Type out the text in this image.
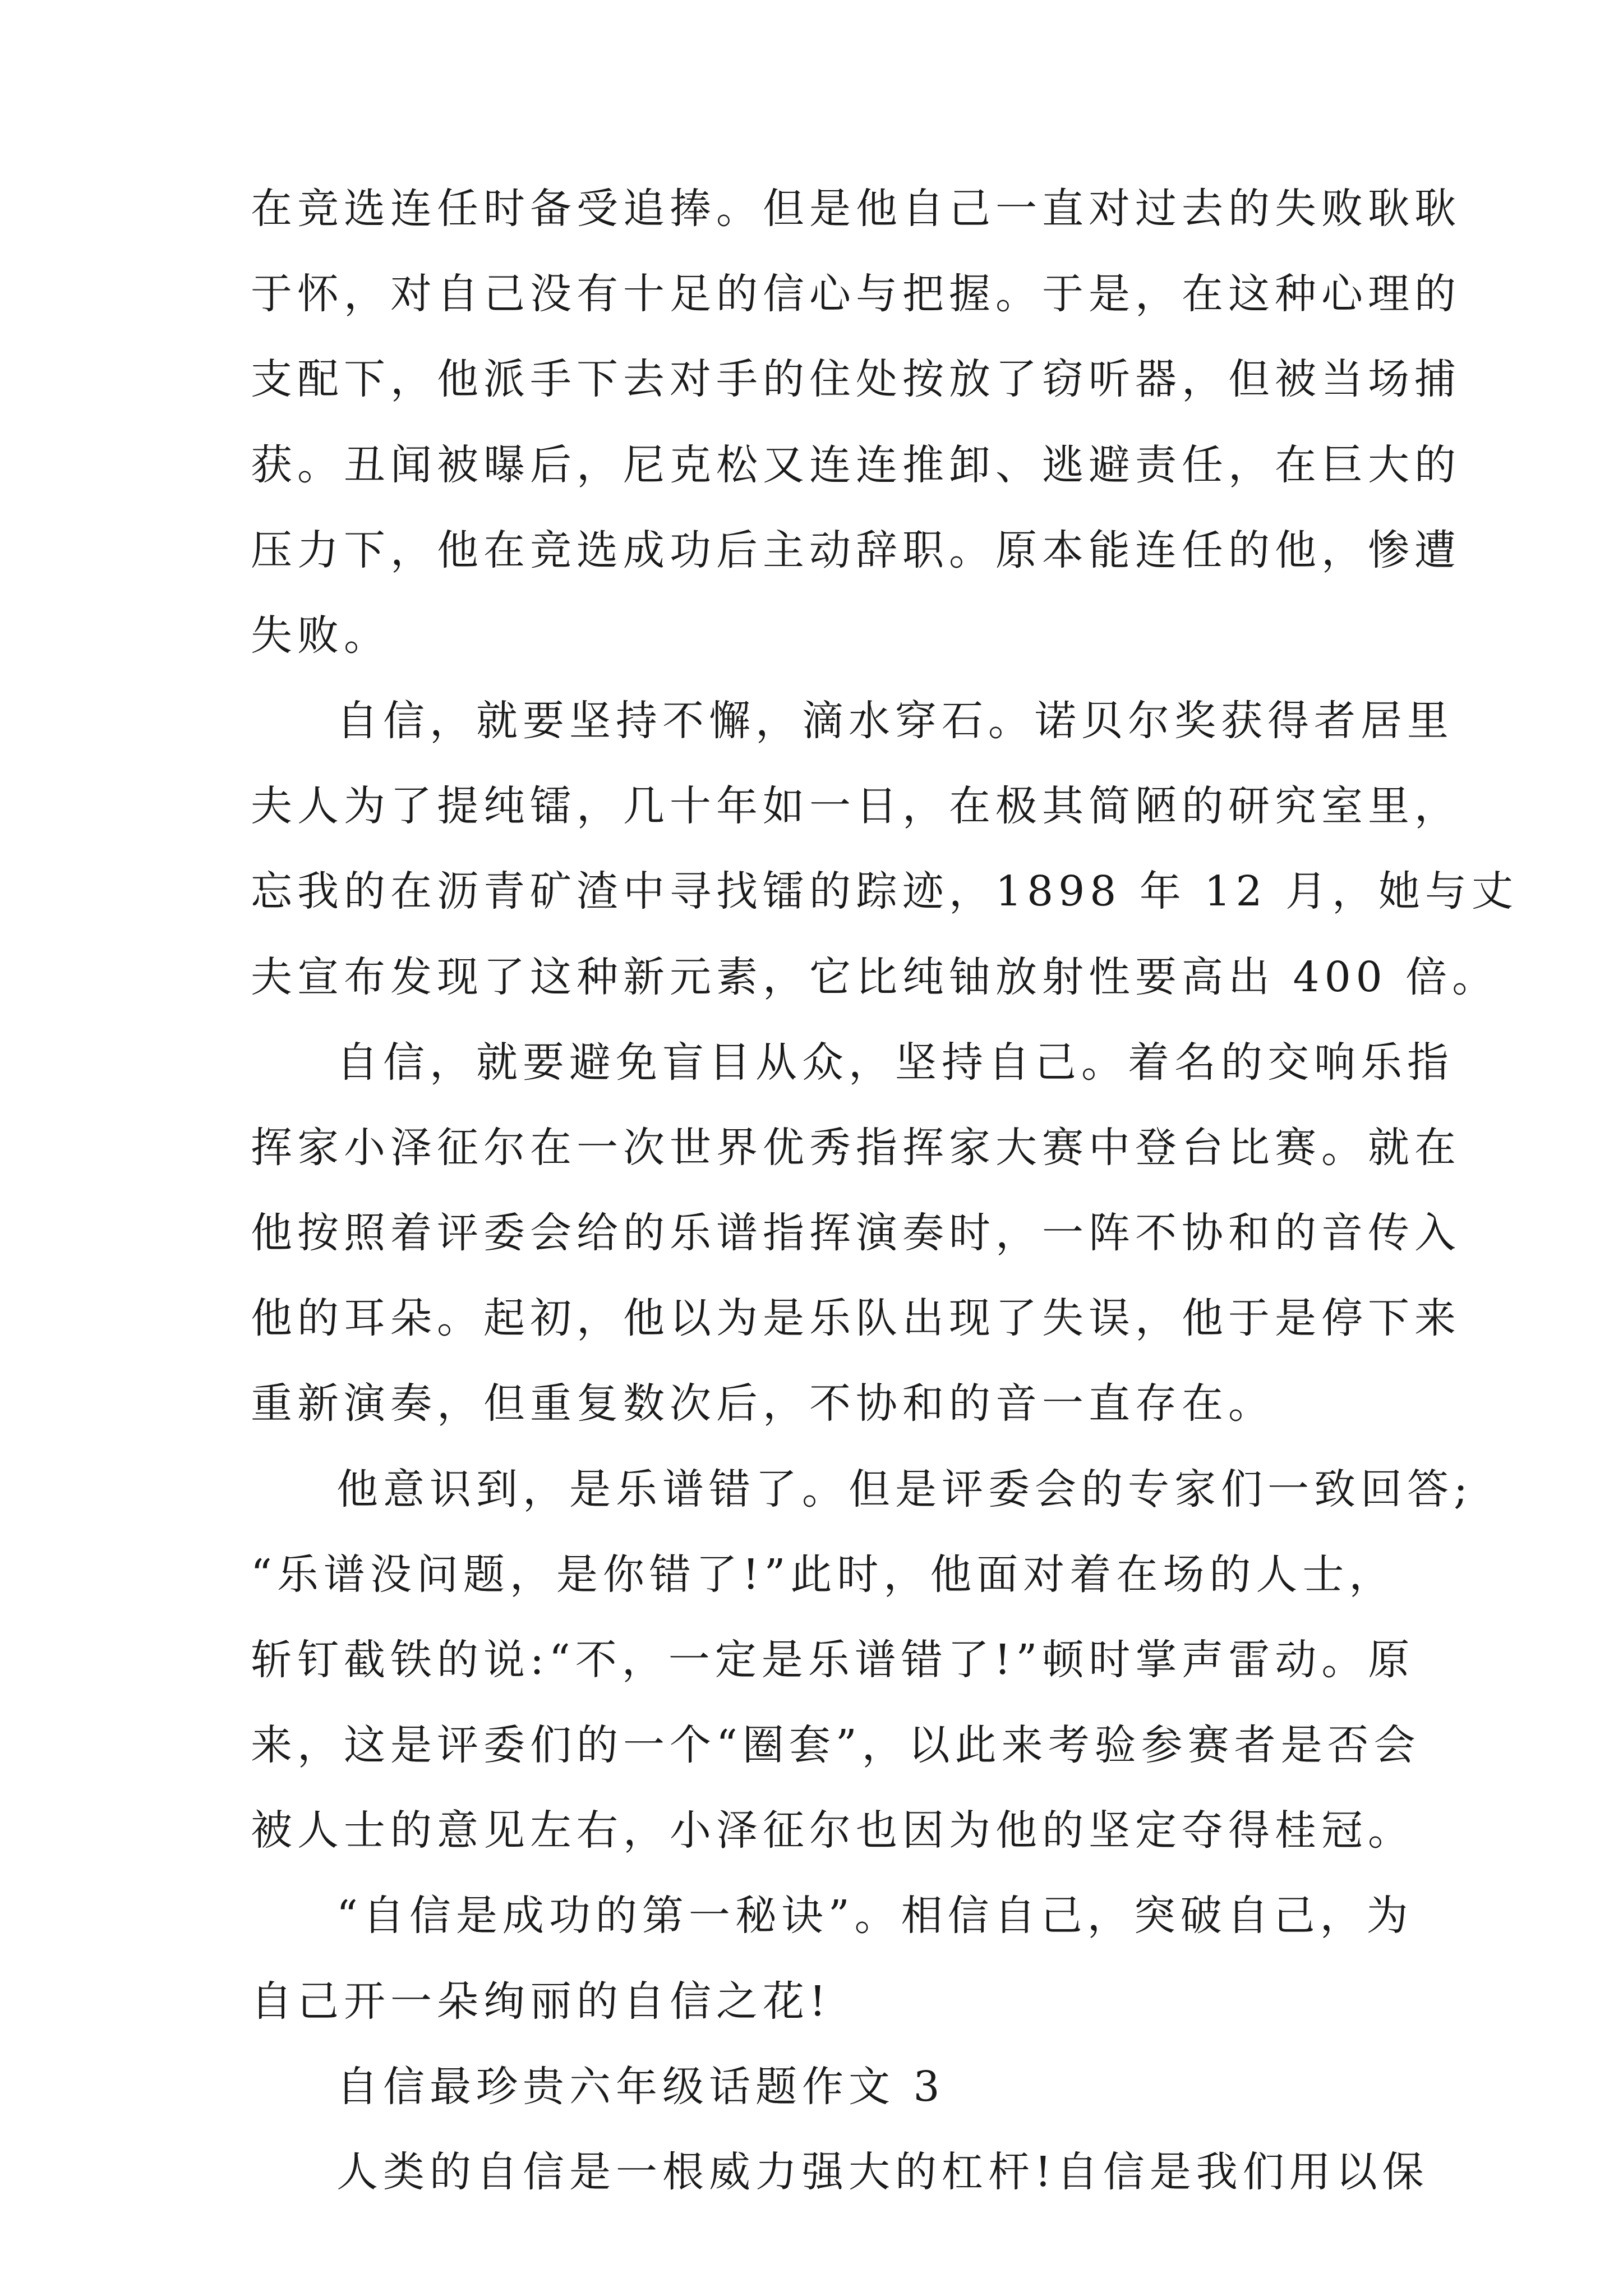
在竞选连任时备受追捧。但是他自己一直对过去的失败耿耿
于怀，对自己没有十足的信心与把握。于是，在这种心理的
支配下，他派手下去对手的住处按放了窃听器，但被当场捕
获。丑闻被曝后，尼克松又连连推卸、逃避责任，在巨大的
压力下，他在竞选成功后主动辞职。原本能连任的他，惨遭
失败。
自信，就要坚持不懈，滴水穿石。诺贝尔奖获得者居里
夫人为了提纯镭，几十年如一日，在极其简陋的研究室里，
忘我的在沥青矿渣中寻找镭的踪迹，1898 年 12 月，她与丈
夫宣布发现了这种新元素，它比纯铀放射性要高出 400 倍。
自信，就要避免盲目从众，坚持自己。着名的交响乐指
挥家小泽征尔在一次世界优秀指挥家大赛中登台比赛。就在
他按照着评委会给的乐谱指挥演奏时，一阵不协和的音传入
他的耳朵。起初，他以为是乐队出现了失误，他于是停下来
重新演奏，但重复数次后，不协和的音一直存在。
他意识到，是乐谱错了。但是评委会的专家们一致回答;
“乐谱没问题，是你错了!”此时，他面对着在场的人士，
斩钉截铁的说:“不，一定是乐谱错了!”顿时掌声雷动。原
来，这是评委们的一个“圈套”，以此来考验参赛者是否会
被人士的意见左右，小泽征尔也因为他的坚定夺得桂冠。
“自信是成功的第一秘诀”。相信自己，突破自己，为
自己开一朵绚丽的自信之花!
自信最珍贵六年级话题作文 3
人类的自信是一根威力强大的杠杆!自信是我们用以保
